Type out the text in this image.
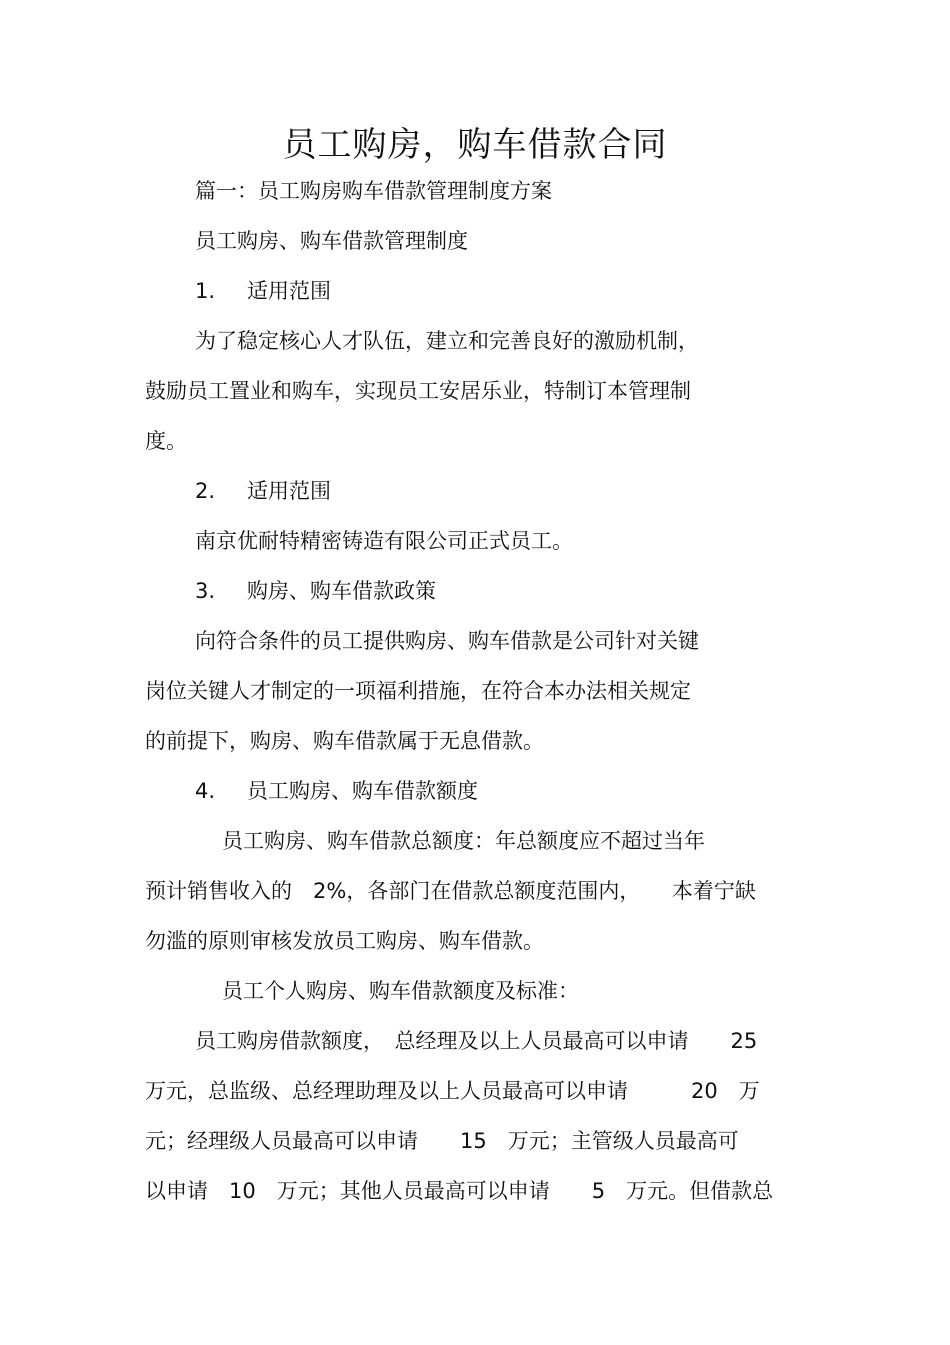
员工购房，购车借款合同
篇一：员工购房购车借款管理制度方案
员工购房、购车借款管理制度
1. 适用范围
为了稳定核心人才队伍，建立和完善良好的激励机制，
鼓励员工置业和购车，实现员工安居乐业，特制订本管理制
度。
2. 适用范围
南京优耐特精密铸造有限公司正式员工。
3. 购房、购车借款政策
向符合条件的员工提供购房、购车借款是公司针对关键
岗位关键人才制定的一项福利措施，在符合本办法相关规定
的前提下，购房、购车借款属于无息借款。
4. 员工购房、购车借款额度
员工购房、购车借款总额度：年总额度应不超过当年
预计销售收入的　2%，各部门在借款总额度范围内，　　本着宁缺
勿滥的原则审核发放员工购房、购车借款。
员工个人购房、购车借款额度及标准：
员工购房借款额度，　总经理及以上人员最高可以申请　　25
万元，总监级、总经理助理及以上人员最高可以申请　　　20　万
元；经理级人员最高可以申请　　15　万元；主管级人员最高可
以申请　10　万元；其他人员最高可以申请　　5　万元。但借款总
